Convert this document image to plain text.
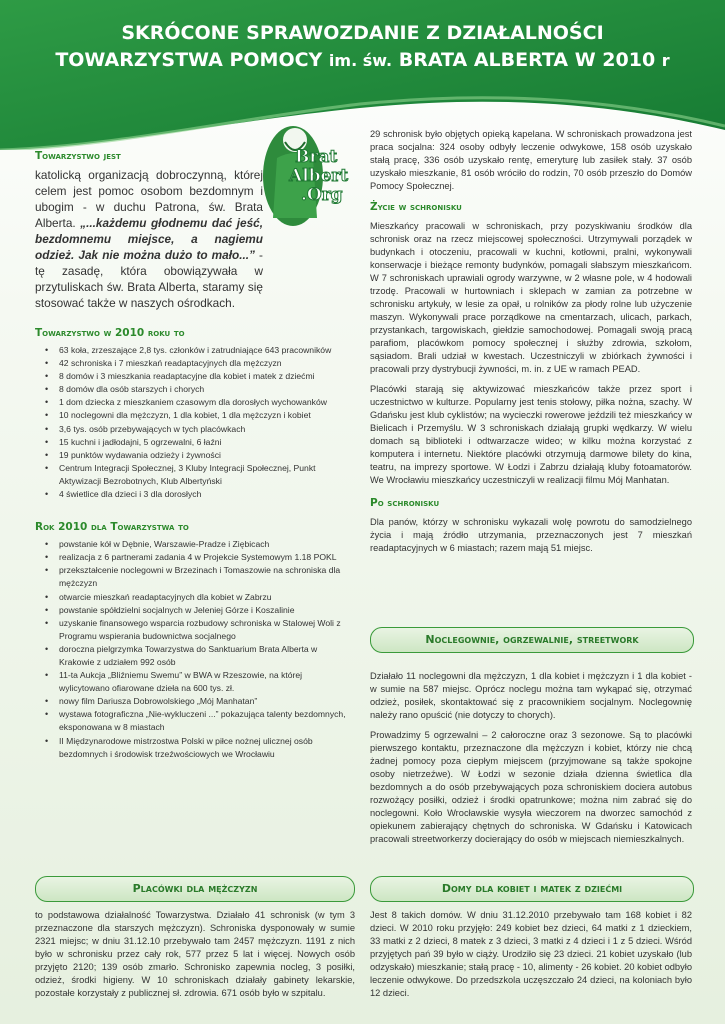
SKRÓCONE SPRAWOZDANIE Z DZIAŁALNOŚCI
TOWARZYSTWA POMOCY im. św. BRATA ALBERTA W 2010 r
Brat
Albert
.Org
Towarzystwo jest

katolicką organizacją dobroczynną, której celem jest pomoc osobom bezdomnym i ubogim - w duchu Patrona, św. Brata Alberta. „...każdemu głodnemu dać jeść, bezdomnemu miejsce, a nagiemu odzież. Jak nie można dużo to mało...” - tę zasadę, która obowiązywała w przytuliskach św. Brata Alberta, staramy się stosować także w naszych ośrodkach.

Towarzystwo w 2010 roku to
• 63 koła, zrzeszające 2,8 tys. członków i zatrudniające 643 pracowników
• 42 schroniska i 7 mieszkań readaptacyjnych dla mężczyzn
• 8 domów i 3 mieszkania readaptacyjne dla kobiet i matek z dziećmi
• 8 domów dla osób starszych i chorych
• 1 dom dziecka z mieszkaniem czasowym dla dorosłych wychowanków
• 10 noclegowni dla mężczyzn, 1 dla kobiet, 1 dla mężczyzn i kobiet
• 3,6 tys. osób przebywających w tych placówkach
• 15 kuchni i jadłodajni, 5 ogrzewalni, 6 łaźni
• 19 punktów wydawania odzieży i żywności
• Centrum Integracji Społecznej, 3 Kluby Integracji Społecznej, Punkt Aktywizacji Bezrobotnych, Klub Albertyński
• 4 świetlice dla dzieci i 3 dla dorosłych
Rok 2010 dla Towarzystwa to
• powstanie kół w Dębnie, Warszawie-Pradze i Ziębicach
• realizacja z 6 partnerami zadania 4 w Projekcie Systemowym 1.18 POKL
• przekształcenie noclegowni w Brzezinach i Tomaszowie na schroniska dla mężczyzn
• otwarcie mieszkań readaptacyjnych dla kobiet w Zabrzu
• powstanie spółdzielni socjalnych w Jeleniej Górze i Koszalinie
• uzyskanie finansowego wsparcia rozbudowy schroniska w Stalowej Woli z Programu wspierania budownictwa socjalnego
• doroczna pielgrzymka Towarzystwa do Sanktuarium Brata Alberta w Krakowie z udziałem 992 osób
• 11-ta Aukcja „Bliźniemu Swemu” w BWA w Rzeszowie, na której wylicytowano ofiarowane dzieła na 600 tys. zł.
• nowy film Dariusza Dobrowolskiego „Mój Manhatan”
• wystawa fotograficzna „Nie-wykluczeni ...” pokazująca talenty bezdomnych, eksponowana w 8 miastach
• II Międzynarodowe mistrzostwa Polski w piłce nożnej ulicznej osób bezdomnych i środowisk trzeźwościowych we Wrocławiu
Placówki dla mężczyzn

to podstawowa działalność Towarzystwa. Działało 41 schronisk (w tym 3 przeznaczone dla starszych mężczyzn). Schroniska dysponowały w sumie 2321 miejsc; w dniu 31.12.10 przebywało tam 2457 mężczyzn. 1191 z nich było w schronisku przez cały rok, 577 przez 5 lat i więcej. Nowych osób przyjęto 2120; 139 osób zmarło. Schronisko zapewnia nocleg, 3 posiłki, odzież, środki higieny. W 10 schroniskach działały gabinety lekarskie, pozostałe korzystały z publicznej sł. zdrowia. 671 osób było w szpitalu.

29 schronisk było objętych opieką kapelana. W schroniskach prowadzona jest praca socjalna: 324 osoby odbyły leczenie odwykowe, 158 osób uzyskało stałą pracę, 336 osób uzyskało rentę, emeryturę lub zasiłek stały. 37 osób uzyskało mieszkanie, 81 osób wróciło do rodzin, 70 osób przeszło do Domów Pomocy Społecznej.

Życie w schronisku

Mieszkańcy pracowali w schroniskach, przy pozyskiwaniu środków dla schronisk oraz na rzecz miejscowej społeczności. Utrzymywali porządek w budynkach i otoczeniu, pracowali w kuchni, kotłowni, pralni, wykonywali konserwacje i bieżące remonty budynków, pomagali słabszym mieszkańcom. W 7 schroniskach uprawiali ogrody warzywne, w 2 własne pole, w 4 hodowali trzodę. Pracowali w hurtowniach i sklepach w zamian za potrzebne w schronisku artykuły, w lesie za opał, u rolników za płody rolne lub użyczenie maszyn. Wykonywali prace porządkowe na cmentarzach, ulicach, parkach, przystankach, targowiskach, giełdzie samochodowej. Pomagali swoją pracą parafiom, placówkom pomocy społecznej i służby zdrowia, szkołom, sąsiadom. Brali udział w kwestach. Uczestniczyli w zbiórkach żywności i pracowali przy dystrybucji żywności, m. in. z UE w ramach PEAD.

Placówki starają się aktywizować mieszkańców także przez sport i uczestnictwo w kulturze. Popularny jest tenis stołowy, piłka nożna, szachy. W Gdańsku jest klub cyklistów; na wycieczki rowerowe jeździli też mieszkańcy w Bielicach i Przemyślu. W 3 schroniskach działają grupki wędkarzy. W wielu domach są biblioteki i odtwarzacze wideo; w kilku można korzystać z komputera i internetu. Niektóre placówki otrzymują darmowe bilety do kina, teatru, na imprezy sportowe. W Łodzi i Zabrzu działają kluby fotoamatorów. We Wrocławiu mieszkańcy uczestniczyli w realizacji filmu Mój Manhatan.

Po schronisku

Dla panów, którzy w schronisku wykazali wolę powrotu do samodzielnego życia i mają źródło utrzymania, przeznaczonych jest 7 mieszkań readaptacyjnych w 6 miastach; razem mają 51 miejsc.

Noclegownie, ogrzewalnie, streetwork

Działało 11 noclegowni dla mężczyzn, 1 dla kobiet i mężczyzn i 1 dla kobiet - w sumie na 587 miejsc. Oprócz noclegu można tam wykąpać się, otrzymać odzież, posiłek, skontaktować się z pracownikiem socjalnym. Noclegownię należy rano opuścić (nie dotyczy to chorych).

Prowadzimy 5 ogrzewalni – 2 całoroczne oraz 3 sezonowe. Są to placówki pierwszego kontaktu, przeznaczone dla mężczyzn i kobiet, którzy nie chcą żadnej pomocy poza ciepłym miejscem (przyjmowane są także spokojne osoby nietrzeźwe). W Łodzi w sezonie działa dzienna świetlica dla bezdomnych a do osób przebywających poza schroniskiem dociera autobus rozwożący posiłki, odzież i środki opatrunkowe; można nim zabrać się do noclegowni. Koło Wrocławskie wysyła wieczorem na dworzec samochód z opiekunem zabierający chętnych do schroniska. W Gdańsku i Katowicach pracowali streetworkerzy docierający do osób w miejscach niemieszkalnych.

Domy dla kobiet i matek z dziećmi

Jest 8 takich domów. W dniu 31.12.2010 przebywało tam 168 kobiet i 82 dzieci. W 2010 roku przyjęło: 249 kobiet bez dzieci, 64 matki z 1 dzieckiem, 33 matki z 2 dzieci, 8 matek z 3 dzieci, 3 matki z 4 dzieci i 1 z 5 dzieci. Wśród przyjętych pań 39 było w ciąży. Urodziło się 23 dzieci. 21 kobiet uzyskało (lub odzyskało) mieszkanie; stałą pracę - 10, alimenty - 26 kobiet. 20 kobiet odbyło leczenie odwykowe. Do przedszkola uczęszczało 24 dzieci, na koloniach było 12 dzieci.
